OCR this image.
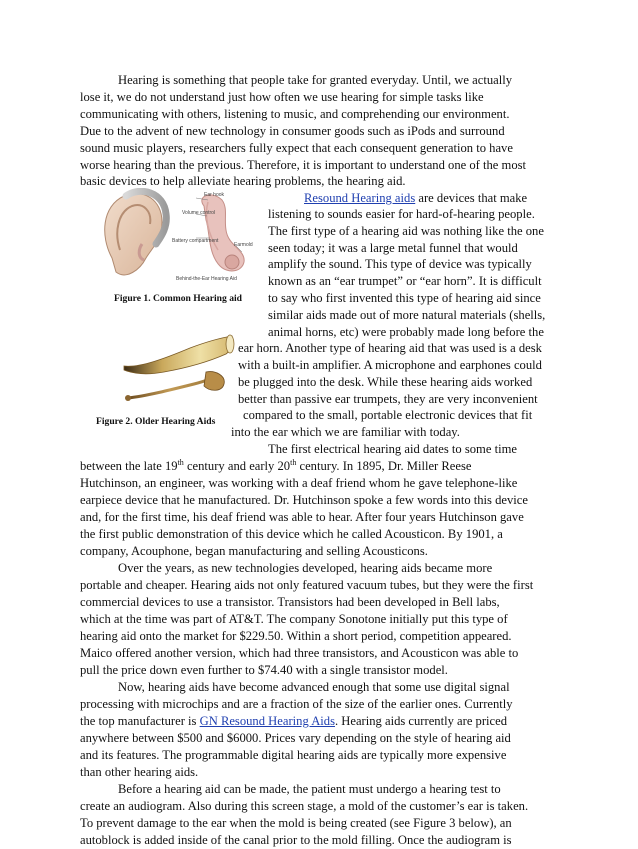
Hearing is something that people take for granted everyday. Until, we actually
lose it, we do not understand just how often we use hearing for simple tasks like
communicating with others, listening to music, and comprehending our environment.
Due to the advent of new technology in consumer goods such as iPods and surround
sound music players, researchers fully expect that each consequent generation to have
worse hearing than the previous. Therefore, it is important to understand one of the most
basic devices to help alleviate hearing problems, the hearing aid.
Resound Hearing aids are devices that make
Ear hook
Volume control
Battery compartment
Earmold
Behind-the-Ear Hearing Aid
Figure 1. Common Hearing aid
listening to sounds easier for hard-of-hearing people.
The first type of a hearing aid was nothing like the one
seen today; it was a large metal funnel that would
amplify the sound. This type of device was typically
known as an “ear trumpet” or “ear horn”. It is difficult
to say who first invented this type of hearing aid since
similar aids made out of more natural materials (shells,
animal horns, etc) were probably made long before the
Figure 2. Older Hearing Aids
ear horn. Another type of hearing aid that was used is a desk
with a built-in amplifier. A microphone and earphones could
be plugged into the desk. While these hearing aids worked
better than passive ear trumpets, they are very inconvenient
compared to the small, portable electronic devices that fit
into the ear which we are familiar with today.
The first electrical hearing aid dates to some time
between the late 19th century and early 20th century. In 1895, Dr. Miller Reese
Hutchinson, an engineer, was working with a deaf friend whom he gave telephone-like
earpiece device that he manufactured. Dr. Hutchinson spoke a few words into this device
and, for the first time, his deaf friend was able to hear. After four years Hutchinson gave
the first public demonstration of this device which he called Acousticon. By 1901, a
company, Acouphone, began manufacturing and selling Acousticons.
Over the years, as new technologies developed, hearing aids became more
portable and cheaper. Hearing aids not only featured vacuum tubes, but they were the first
commercial devices to use a transistor. Transistors had been developed in Bell labs,
which at the time was part of AT&T. The company Sonotone initially put this type of
hearing aid onto the market for $229.50. Within a short period, competition appeared.
Maico offered another version, which had three transistors, and Acousticon was able to
pull the price down even further to $74.40 with a single transistor model.
Now, hearing aids have become advanced enough that some use digital signal
processing with microchips and are a fraction of the size of the earlier ones. Currently
the top manufacturer is GN Resound Hearing Aids. Hearing aids currently are priced
anywhere between $500 and $6000. Prices vary depending on the style of hearing aid
and its features. The programmable digital hearing aids are typically more expensive
than other hearing aids.
Before a hearing aid can be made, the patient must undergo a hearing test to
create an audiogram. Also during this screen stage, a mold of the customer’s ear is taken.
To prevent damage to the ear when the mold is being created (see Figure 3 below), an
autoblock is added inside of the canal prior to the mold filling. Once the audiogram is
